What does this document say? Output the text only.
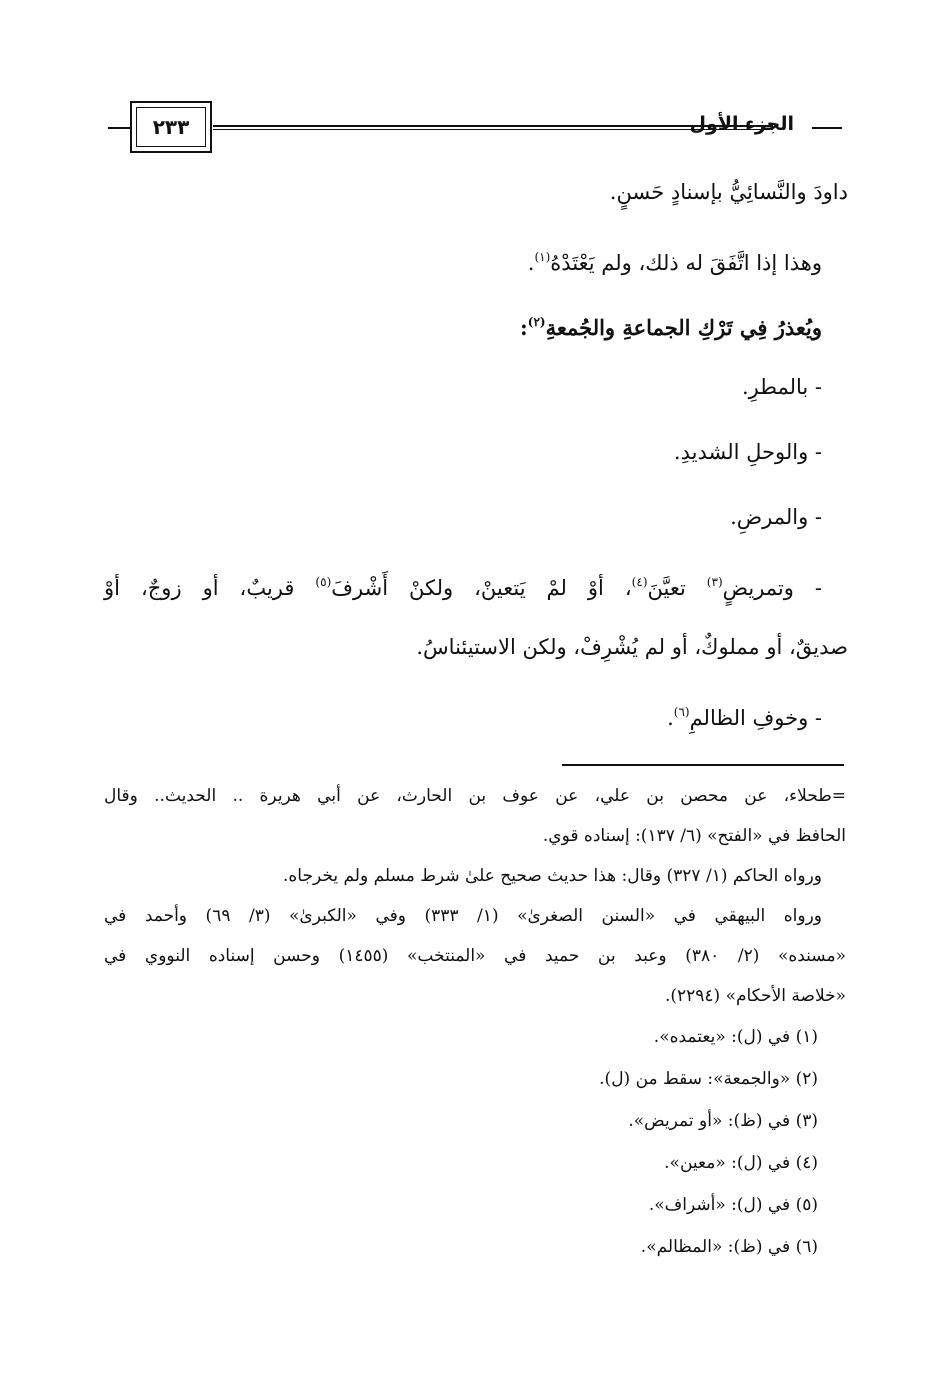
٢٣٣	الجزء الأول
داودَ والنَّسائِيُّ بإسنادٍ حَسنٍ.
وهذا إذا اتَّفَقَ له ذلك، ولم يَعْتَدْهُ$^{(١)}$.
ويُعذرُ فِي تَرْكِ الجماعةِ والجُمعةِ$^{(٢)}$:
- بالمطرِ.
- والوحلِ الشديدِ.
- والمرضِ.
- وتمريضٍ$^{(٣)}$ تعيَّنَ$^{(٤)}$، أوْ لمْ يَتعينْ، ولكنْ أَشْرفَ$^{(٥)}$ قريبٌ، أو زوجٌ، أوْ
صديقٌ، أو مملوكٌ، أو لم يُشْرِفْ، ولكن الاستيئناسُ.
- وخوفِ الظالمِ$^{(٦)}$.
=طحلاء، عن محصن بن علي، عن عوف بن الحارث، عن أبي هريرة .. الحديث.. وقال
الحافظ في «الفتح» (٦/ ١٣٧): إسناده قوي.
ورواه الحاكم (١/ ٣٢٧) وقال: هذا حديث صحيح علىٰ شرط مسلم ولم يخرجاه.
ورواه البيهقي في «السنن الصغرىٰ» (١/ ٣٣٣) وفي «الكبرىٰ» (٣/ ٦٩) وأحمد في
«مسنده» (٢/ ٣٨٠) وعبد بن حميد في «المنتخب» (١٤٥٥) وحسن إسناده النووي في
«خلاصة الأحكام» (٢٢٩٤).
(١) في (ل): «يعتمده».
(٢) «والجمعة»: سقط من (ل).
(٣) في (ظ): «أو تمريض».
(٤) في (ل): «معين».
(٥) في (ل): «أشراف».
(٦) في (ظ): «المظالم».
